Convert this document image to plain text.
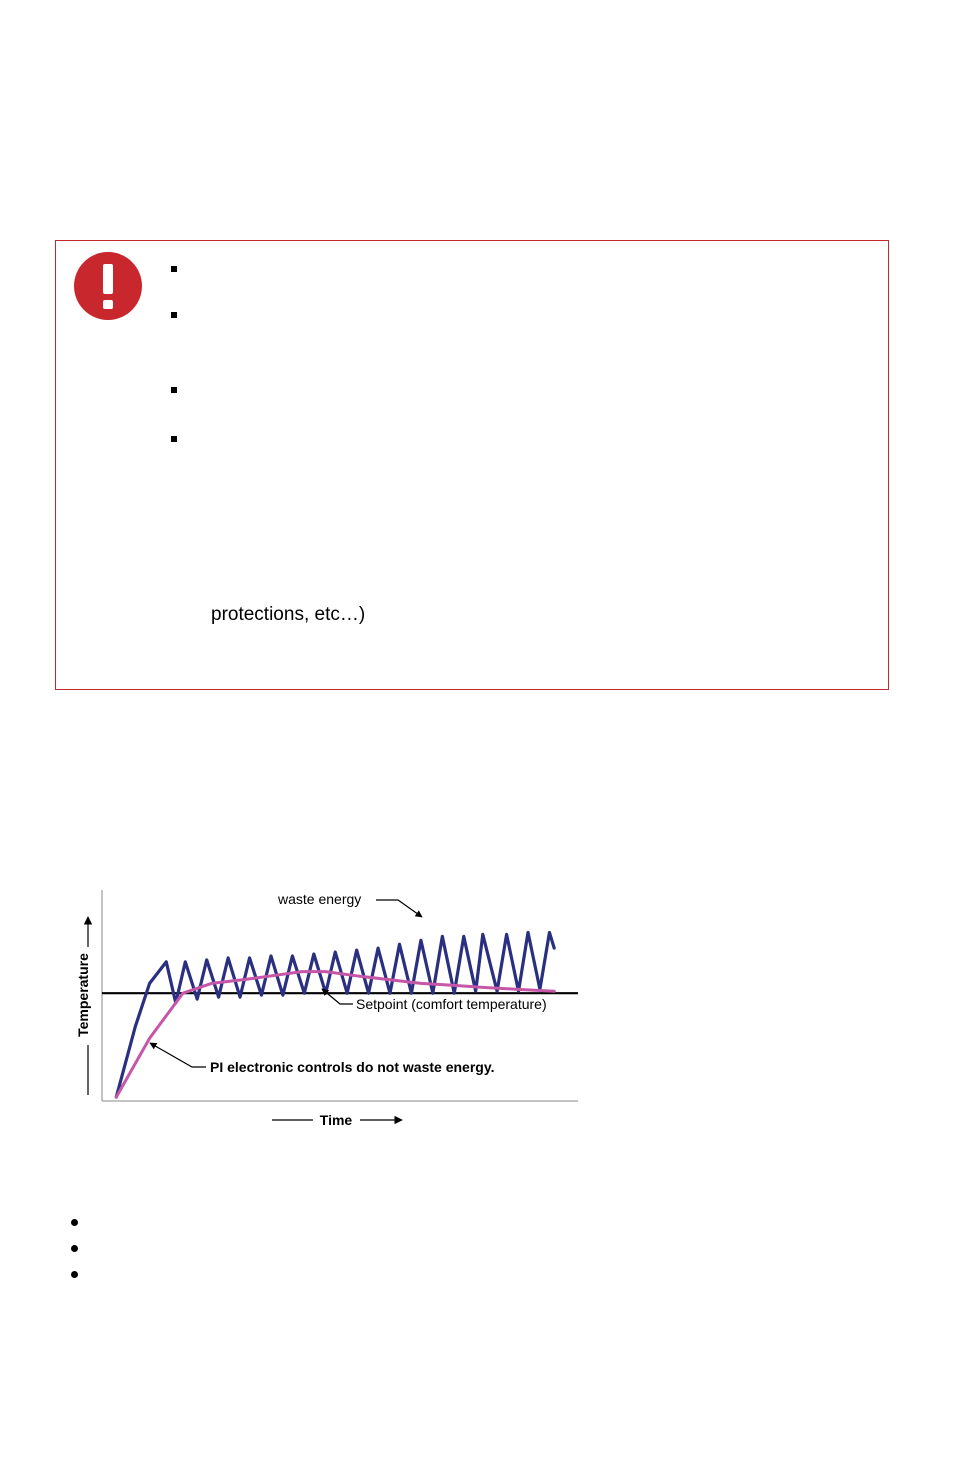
protections, etc…)
waste energy
Setpoint (comfort temperature)
PI electronic controls do not waste energy.
Temperature
Time
